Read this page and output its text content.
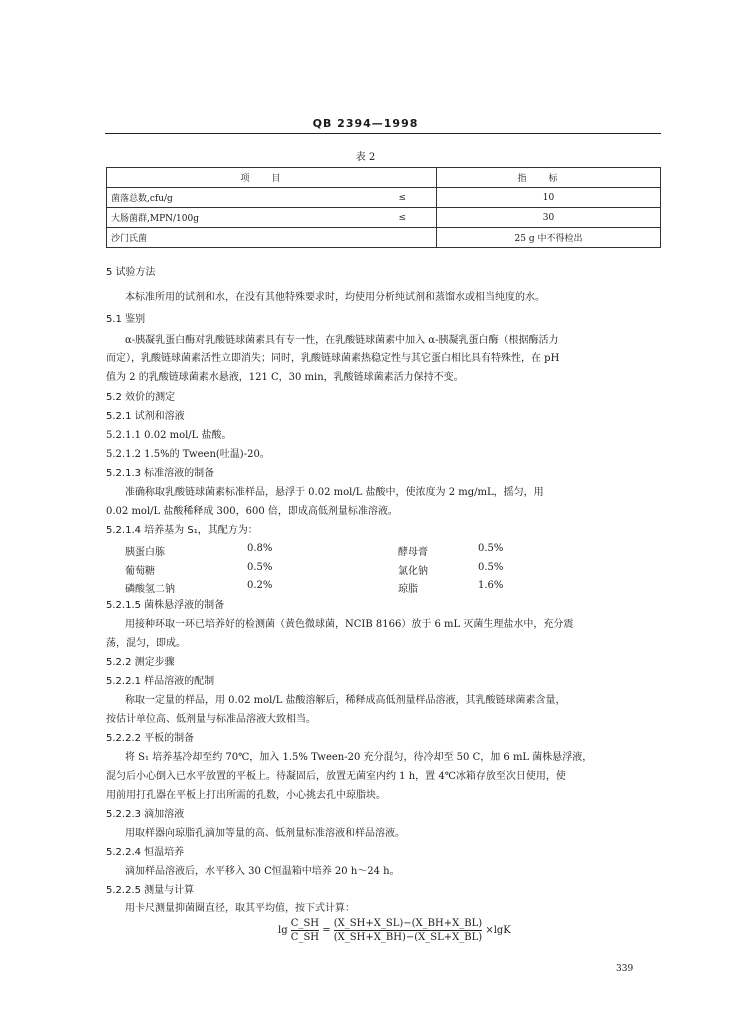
QB 2394—1998
表 2
项目		指标
菌落总数,cfu/g	≤	10
大肠菌群,MPN/100g	≤	30
沙门氏菌		25 g 中不得检出
5 试验方法
本标准所用的试剂和水，在没有其他特殊要求时，均使用分析纯试剂和蒸馏水或相当纯度的水。
5.1 鉴别
α-胰凝乳蛋白酶对乳酸链球菌素具有专一性，在乳酸链球菌素中加入 α-胰凝乳蛋白酶（根据酶活力
而定），乳酸链球菌素活性立即消失；同时，乳酸链球菌素热稳定性与其它蛋白相比具有特殊性，在 pH
值为 2 的乳酸链球菌素水悬液，121 C，30 min，乳酸链球菌素活力保持不变。
5.2 效价的测定
5.2.1 试剂和溶液
5.2.1.1 0.02 mol/L 盐酸。
5.2.1.2 1.5%的 Tween(吐温)-20。
5.2.1.3 标准溶液的制备
准确称取乳酸链球菌素标准样品，悬浮于 0.02 mol/L 盐酸中，使浓度为 2 mg/mL，摇匀，用
0.02 mol/L 盐酸稀释成 300，600 倍，即成高低剂量标准溶液。
5.2.1.4 培养基为 S₁，其配方为：
胰蛋白胨	0.8%	酵母膏	0.5%
葡萄糖	0.5%	氯化钠	0.5%
磷酸氢二钠	0.2%	琼脂	1.6%
5.2.1.5 菌株悬浮液的制备
用接种环取一环已培养好的检测菌（黄色微球菌，NCIB 8166）放于 6 mL 灭菌生理盐水中，充分震
荡，混匀，即成。
5.2.2 测定步骤
5.2.2.1 样品溶液的配制
称取一定量的样品，用 0.02 mol/L 盐酸溶解后，稀释成高低剂量样品溶液，其乳酸链球菌素含量，
按估计单位高、低剂量与标准品溶液大致相当。
5.2.2.2 平板的制备
将 S₁ 培养基冷却至约 70℃，加入 1.5% Tween-20 充分混匀，待冷却至 50 C，加 6 mL 菌株悬浮液，
混匀后小心倒入已水平放置的平板上。待凝固后，放置无菌室内约 1 h，置 4℃冰箱存放至次日使用，使
用前用打孔器在平板上打出所需的孔数，小心挑去孔中琼脂块。
5.2.2.3 滴加溶液
用取样器向琼脂孔滴加等量的高、低剂量标准溶液和样品溶液。
5.2.2.4 恒温培养
滴加样品溶液后，水平移入 30 C恒温箱中培养 20 h～24 h。
5.2.2.5 测量与计算
用卡尺测量抑菌圈直径，取其平均值，按下式计算：
$\lg \frac{C\_SH}{C\_SH} = \frac{(X\_SH+X\_SL)-(X\_BH+X\_BL)}{(X\_SH+X\_BH)-(X\_SL+X\_BL)} \times\lg K$
339
